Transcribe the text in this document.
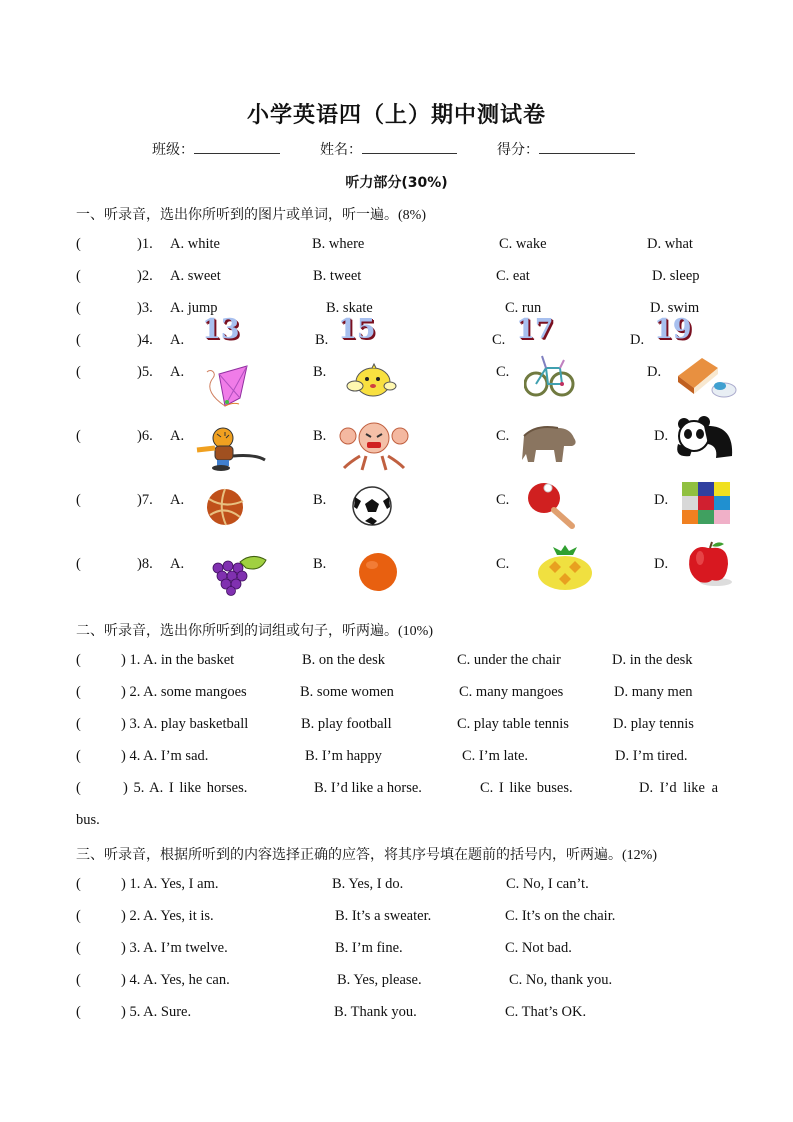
小学英语四（上）期中测试卷
班级：	姓名：	得分：
听力部分(30%)
一、听录音，选出你所听到的图片或单词，听一遍。(8%)
(	)1. A. white	B. where	C. wake	D. what
(	)2. A. sweet	B. tweet	C. eat	D. sleep
(	)3. A. jump	B. skate	C. run	D. swim
(	)4. A. 13	B. 15	C. 17	D. 19
(	)5. A.	B.	C.	D.
(	)6. A.	B.	C.	D.
(	)7. A.	B.	C.	D.
(	)8. A.	B.	C.	D.
二、听录音，选出你所听到的词组或句子，听两遍。(10%)
(	) 1. A. in the basket	B. on the desk	C. under the chair	D. in the desk
(	) 2. A. some mangoes	B. some women	C. many mangoes	D. many men
(	) 3. A. play basketball	B. play football	C. play table tennis	D. play tennis
(	) 4. A. I’m sad.	B. I’m happy	C. I’m late.	D. I’m tired.
(	) 5. A. I like horses.	B. I’d like a horse.	C. I like buses.	D. I’d like a
bus.
三、听录音，根据所听到的内容选择正确的应答，将其序号填在题前的括号内，听两遍。(12%)
(	) 1. A. Yes, I am.	B. Yes, I do.	C. No, I can’t.
(	) 2. A. Yes, it is.	B. It’s a sweater.	C. It’s on the chair.
(	) 3. A. I’m twelve.	B. I’m fine.	C. Not bad.
(	) 4. A. Yes, he can.	B. Yes, please.	C. No, thank you.
(	) 5. A. Sure.	B. Thank you.	C. That’s OK.
